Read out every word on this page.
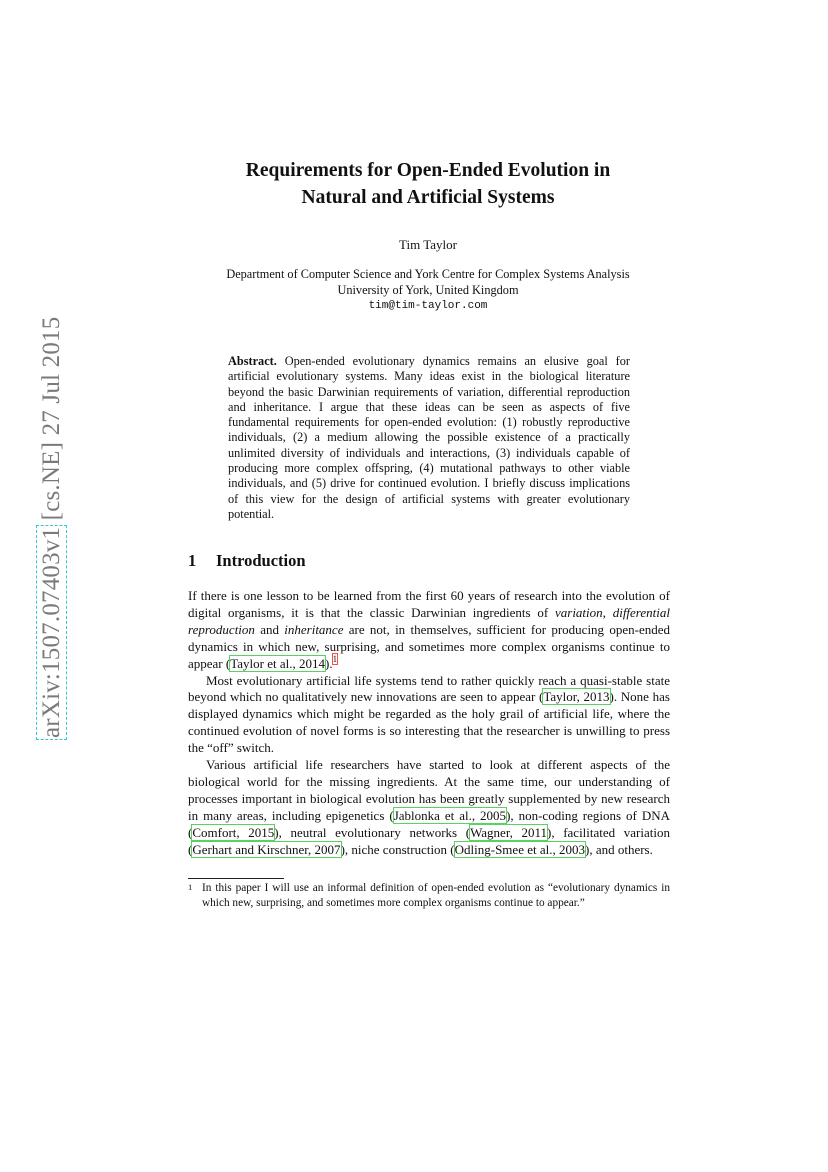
arXiv:1507.07403v1 [cs.NE] 27 Jul 2015
Requirements for Open-Ended Evolution in
Natural and Artificial Systems
Tim Taylor
Department of Computer Science and York Centre for Complex Systems Analysis
University of York, United Kingdom
tim@tim-taylor.com
Abstract. Open-ended evolutionary dynamics remains an elusive goal for artificial evolutionary systems. Many ideas exist in the biological literature beyond the basic Darwinian requirements of variation, differential reproduction and inheritance. I argue that these ideas can be seen as aspects of five fundamental requirements for open-ended evolution: (1) robustly reproductive individuals, (2) a medium allowing the possible existence of a practically unlimited diversity of individuals and interactions, (3) individuals capable of producing more complex offspring, (4) mutational pathways to other viable individuals, and (5) drive for continued evolution. I briefly discuss implications of this view for the design of artificial systems with greater evolutionary potential.
1 Introduction

If there is one lesson to be learned from the first 60 years of research into the evolution of digital organisms, it is that the classic Darwinian ingredients of variation, differential reproduction and inheritance are not, in themselves, sufficient for producing open-ended dynamics in which new, surprising, and sometimes more complex organisms continue to appear (Taylor et al., 2014).$^1$

Most evolutionary artificial life systems tend to rather quickly reach a quasi-stable state beyond which no qualitatively new innovations are seen to appear (Taylor, 2013). None has displayed dynamics which might be regarded as the holy grail of artificial life, where the continued evolution of novel forms is so interesting that the researcher is unwilling to press the “off” switch.

Various artificial life researchers have started to look at different aspects of the biological world for the missing ingredients. At the same time, our understanding of processes important in biological evolution has been greatly supplemented by new research in many areas, including epigenetics (Jablonka et al., 2005), non-coding regions of DNA (Comfort, 2015), neutral evolutionary networks (Wagner, 2011), facilitated variation (Gerhart and Kirschner, 2007), niche construction (Odling-Smee et al., 2003), and others.

1 In this paper I will use an informal definition of open-ended evolution as “evolutionary dynamics in which new, surprising, and sometimes more complex organisms continue to appear.”
